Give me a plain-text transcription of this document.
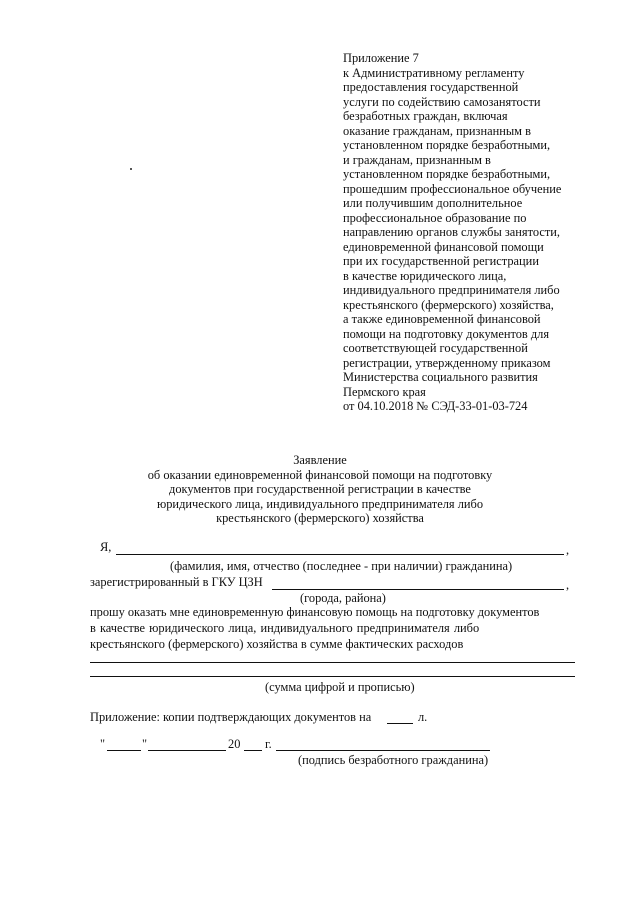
Приложение 7
к Административному регламенту
предоставления государственной
услуги по содействию самозанятости
безработных граждан, включая
оказание гражданам, признанным в
установленном порядке безработными,
и гражданам, признанным в
установленном порядке безработными,
прошедшим профессиональное обучение
или получившим дополнительное
профессиональное образование по
направлению органов службы занятости,
единовременной финансовой помощи
при их государственной регистрации
в качестве юридического лица,
индивидуального предпринимателя либо
крестьянского (фермерского) хозяйства,
а также единовременной финансовой
помощи на подготовку документов для
соответствующей государственной
регистрации, утвержденному приказом
Министерства социального развития
Пермского края
от 04.10.2018 № СЭД-33-01-03-724
Заявление
об оказании единовременной финансовой помощи на подготовку
документов при государственной регистрации в качестве
юридического лица, индивидуального предпринимателя либо
крестьянского (фермерского) хозяйства
Я,	,
(фамилия, имя, отчество (последнее - при наличии) гражданина)
зарегистрированный в ГКУ ЦЗН	,
(города, района)
прошу оказать мне единовременную финансовую помощь на подготовку документов
в качестве юридического лица, индивидуального предпринимателя либо
крестьянского (фермерского) хозяйства в сумме фактических расходов
(сумма цифрой и прописью)
Приложение: копии подтверждающих документов на	л.
"	"	20 г.
(подпись безработного гражданина)
